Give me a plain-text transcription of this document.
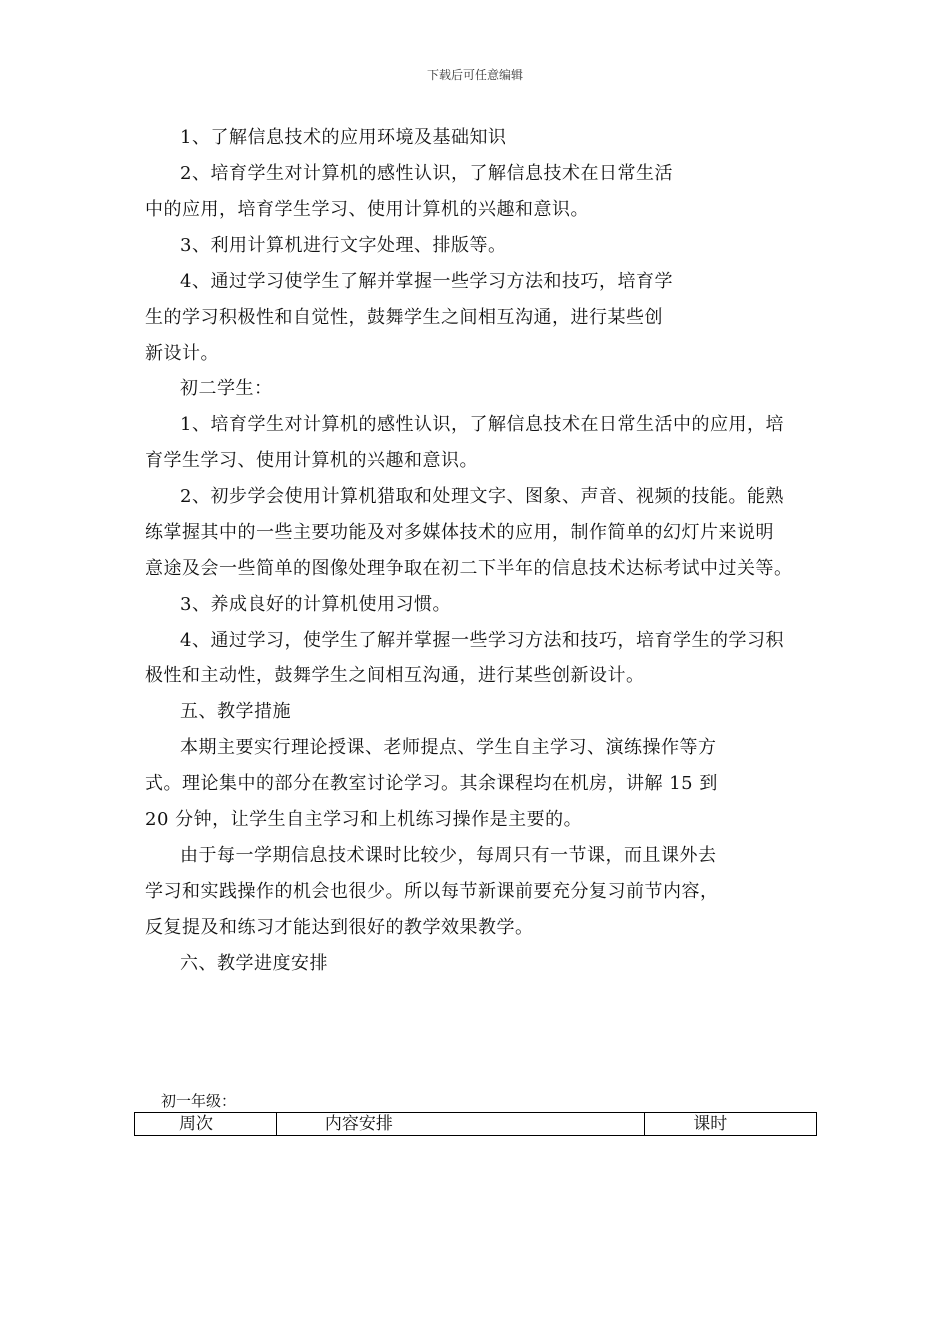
下载后可任意编辑
1、了解信息技术的应用环境及基础知识
2、培育学生对计算机的感性认识，了解信息技术在日常生活
中的应用，培育学生学习、使用计算机的兴趣和意识。
3、利用计算机进行文字处理、排版等。
4、通过学习使学生了解并掌握一些学习方法和技巧，培育学
生的学习积极性和自觉性，鼓舞学生之间相互沟通，进行某些创
新设计。
初二学生：
1、培育学生对计算机的感性认识，了解信息技术在日常生活中的应用，培
育学生学习、使用计算机的兴趣和意识。
2、初步学会使用计算机猎取和处理文字、图象、声音、视频的技能。能熟
练掌握其中的一些主要功能及对多媒体技术的应用，制作简单的幻灯片来说明
意途及会一些简单的图像处理争取在初二下半年的信息技术达标考试中过关等。
3、养成良好的计算机使用习惯。
4、通过学习，使学生了解并掌握一些学习方法和技巧，培育学生的学习积
极性和主动性，鼓舞学生之间相互沟通，进行某些创新设计。
五、教学措施
本期主要实行理论授课、老师提点、学生自主学习、演练操作等方
式。理论集中的部分在教室讨论学习。其余课程均在机房，讲解 15 到
20 分钟，让学生自主学习和上机练习操作是主要的。
由于每一学期信息技术课时比较少，每周只有一节课，而且课外去
学习和实践操作的机会也很少。所以每节新课前要充分复习前节内容，
反复提及和练习才能达到很好的教学效果教学。
六、教学进度安排
初一年级：
周次	内容安排	课时
